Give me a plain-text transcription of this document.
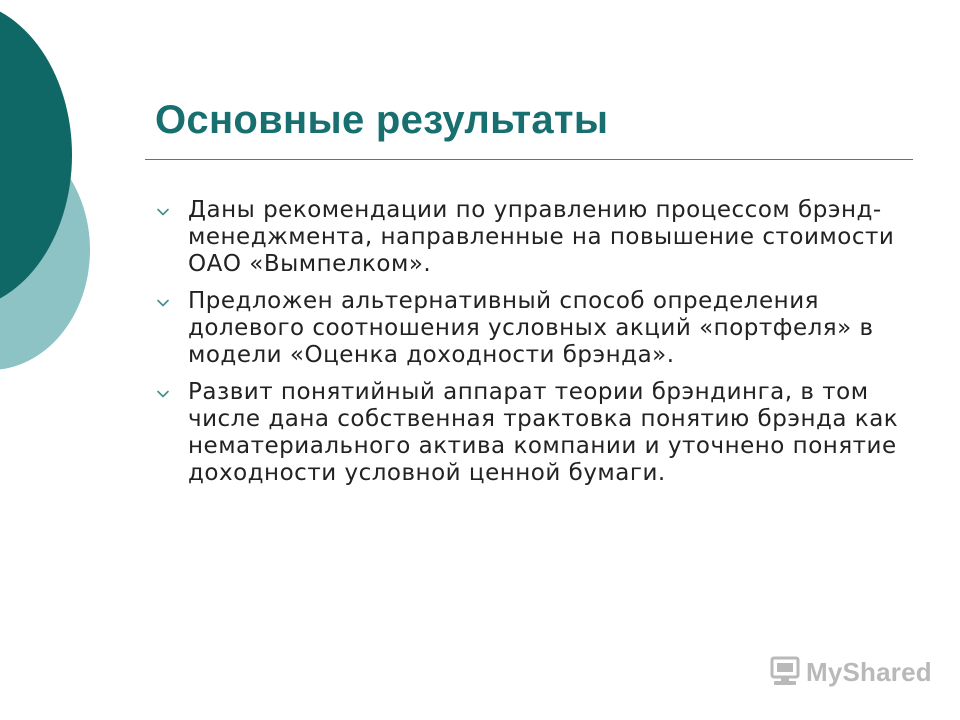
Основные результаты
Даны рекомендации по управлению процессом брэнд-менеджмента, направленные на повышение стоимости ОАО «Вымпелком».
Предложен альтернативный способ определения долевого соотношения условных акций «портфеля» в модели «Оценка доходности брэнда».
Развит понятийный аппарат теории брэндинга, в том числе дана собственная трактовка понятию брэнда как нематериального актива компании и уточнено понятие доходности условной ценной бумаги.
MyShared
